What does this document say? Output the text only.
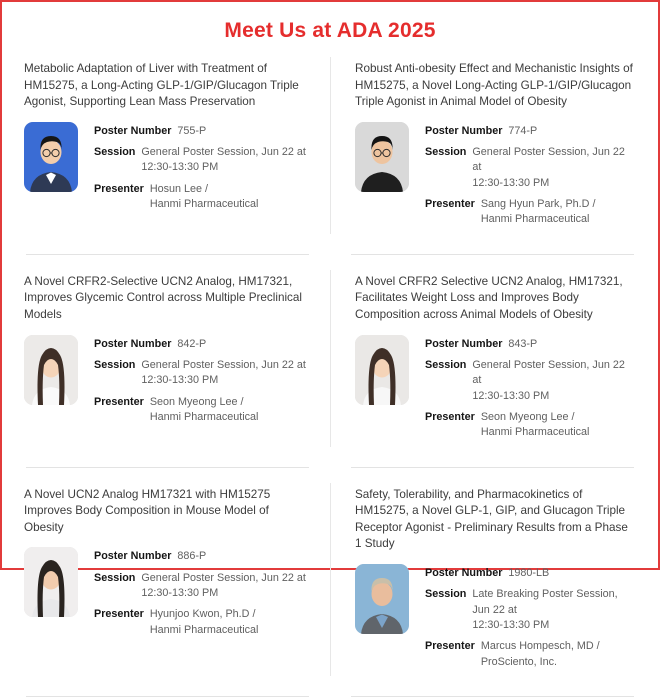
Meet Us at ADA 2025
Metabolic Adaptation of Liver with Treatment of HM15275, a Long-Acting GLP-1/GIP/Glucagon Triple Agonist, Supporting Lean Mass Preservation
Poster Number 755-P
Session General Poster Session, Jun 22 at
12:30-13:30 PM
Presenter Hosun Lee /
Hanmi Pharmaceutical
Robust Anti-obesity Effect and Mechanistic Insights of HM15275, a Novel Long-Acting GLP-1/GIP/Glucagon Triple Agonist in Animal Model of Obesity
Poster Number 774-P
Session General Poster Session, Jun 22 at
12:30-13:30 PM
Presenter Sang Hyun Park, Ph.D /
Hanmi Pharmaceutical
A Novel CRFR2-Selective UCN2 Analog, HM17321, Improves Glycemic Control across Multiple Preclinical Models
Poster Number 842-P
Session General Poster Session, Jun 22 at
12:30-13:30 PM
Presenter Seon Myeong Lee /
Hanmi Pharmaceutical
A Novel CRFR2 Selective UCN2 Analog, HM17321, Facilitates Weight Loss and Improves Body Composition across Animal Models of Obesity
Poster Number 843-P
Session General Poster Session, Jun 22 at
12:30-13:30 PM
Presenter Seon Myeong Lee /
Hanmi Pharmaceutical
A Novel UCN2 Analog HM17321 with HM15275 Improves Body Composition in Mouse Model of Obesity
Poster Number 886-P
Session General Poster Session, Jun 22 at
12:30-13:30 PM
Presenter Hyunjoo Kwon, Ph.D /
Hanmi Pharmaceutical
Safety, Tolerability, and Pharmacokinetics of HM15275, a Novel GLP-1, GIP, and Glucagon Triple Receptor Agonist - Preliminary Results from a Phase 1 Study
Poster Number 1980-LB
Session Late Breaking Poster Session, Jun 22 at
12:30-13:30 PM
Presenter Marcus Hompesch, MD /
ProSciento, Inc.
